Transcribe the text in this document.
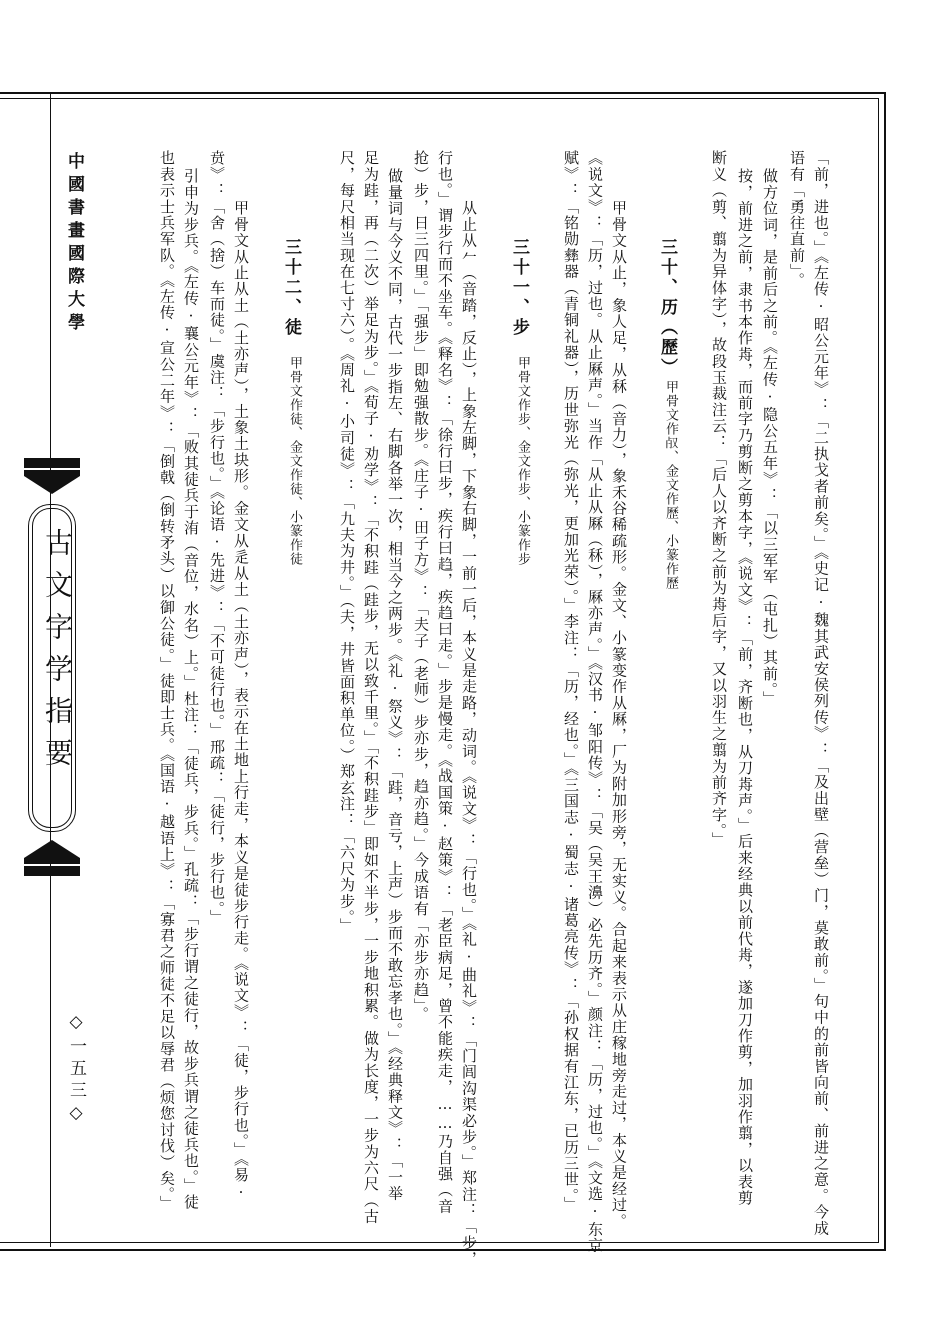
中國書畫國際大學
古文字学指要
◇一五三◇	「前，进也。」《左传·昭公元年》：「二执戈者前矣。」《史记·魏其武安侯列传》：「及出壁（营垒）门，莫敢前。」句中的前皆向前、前进之意。今成
语有「勇往直前」。
做方位词，是前后之前。《左传·隐公五年》：「以三军军（屯扎）其前。」
按，前进之前，隶书本作歬，而前字乃剪断之剪本字，《说文》：「前，齐断也，从刀歬声。」后来经典以前代歬，遂加刀作剪，加羽作翦，以表剪
断义（剪、翦为异体字），故段玉裁注云：「后人以齐断之前为歬后字，又以羽生之翦为前齐字。」
三十、历（歷）
甲骨文作𣦻、金文作歷、小篆作歷
甲骨文从止，象人足，从秝（音力），象禾谷稀疏形。金文、小篆变作从厤，厂为附加形旁，无实义。合起来表示从庄稼地旁走过，本义是经过。
《说文》：「历，过也。从止厤声。」当作「从止从厤（秝），厤亦声。」《汉书·邹阳传》：「吴（吴王濞）必先历齐。」颜注：「历，过也。」《文选·东京
赋》：「铭勋彝器（青铜礼器），历世弥光（弥光，更加光荣）。」李注：「历，经也。」《三国志·蜀志·诸葛亮传》：「孙权据有江东，已历三世。」
三十一、步
甲骨文作步、金文作步、小篆作步
从止从𠂉（音踏，反止），上象左脚，下象右脚，一前一后，本义是走路，动词。《说文》：「行也。」《礼·曲礼》：「门闾沟渠必步。」郑注：「步，
行也。」谓步行而不坐车。《释名》：「徐行曰步，疾行曰趋，疾趋曰走。」步是慢走。《战国策·赵策》：「老臣病足，曾不能疾走，……乃自强（音
抢）步，日三四里。」「强步」即勉强散步。《庄子·田子方》：「夫子（老师）步亦步，趋亦趋。」今成语有「亦步亦趋」。
做量词与今义不同，古代一步指左、右脚各举一次，相当今之两步。《礼·祭义》：「跬，音亏，上声）步而不敢忘孝也。」《经典释文》：「一举
足为跬，再（二次）举足为步。」《荀子·劝学》：「不积跬（跬步，无以致千里。」「不积跬步」即如不半步，一步地积累。做为长度，一步为六尺（古
尺，每尺相当现在七寸六）。《周礼·小司徒》：「九夫为井。」（夫，井皆面积单位。）郑玄注：「六尺为步。」
三十二、徒
甲骨文作徒、金文作徒、小篆作徒
甲骨文从止从土（土亦声），土象土块形。金文从辵从土（土亦声），表示在土地上行走，本义是徒步行走。《说文》：「徒，步行也。」《易·
贲》：「舍（捨）车而徒。」虞注：「步行也。」《论语·先进》：「不可徒行也。」邢疏：「徒行，步行也。」
引申为步兵。《左传·襄公元年》：「败其徒兵于洧（音位，水名）上。」杜注：「徒兵，步兵。」孔疏：「步行谓之徒行，故步兵谓之徒兵也。」徒
也表示士兵军队。《左传·宣公二年》：「倒戟（倒转矛头）以御公徒。」徒即士兵。《国语·越语上》：「寡君之师徒不足以辱君（烦您讨伐）矣。」
